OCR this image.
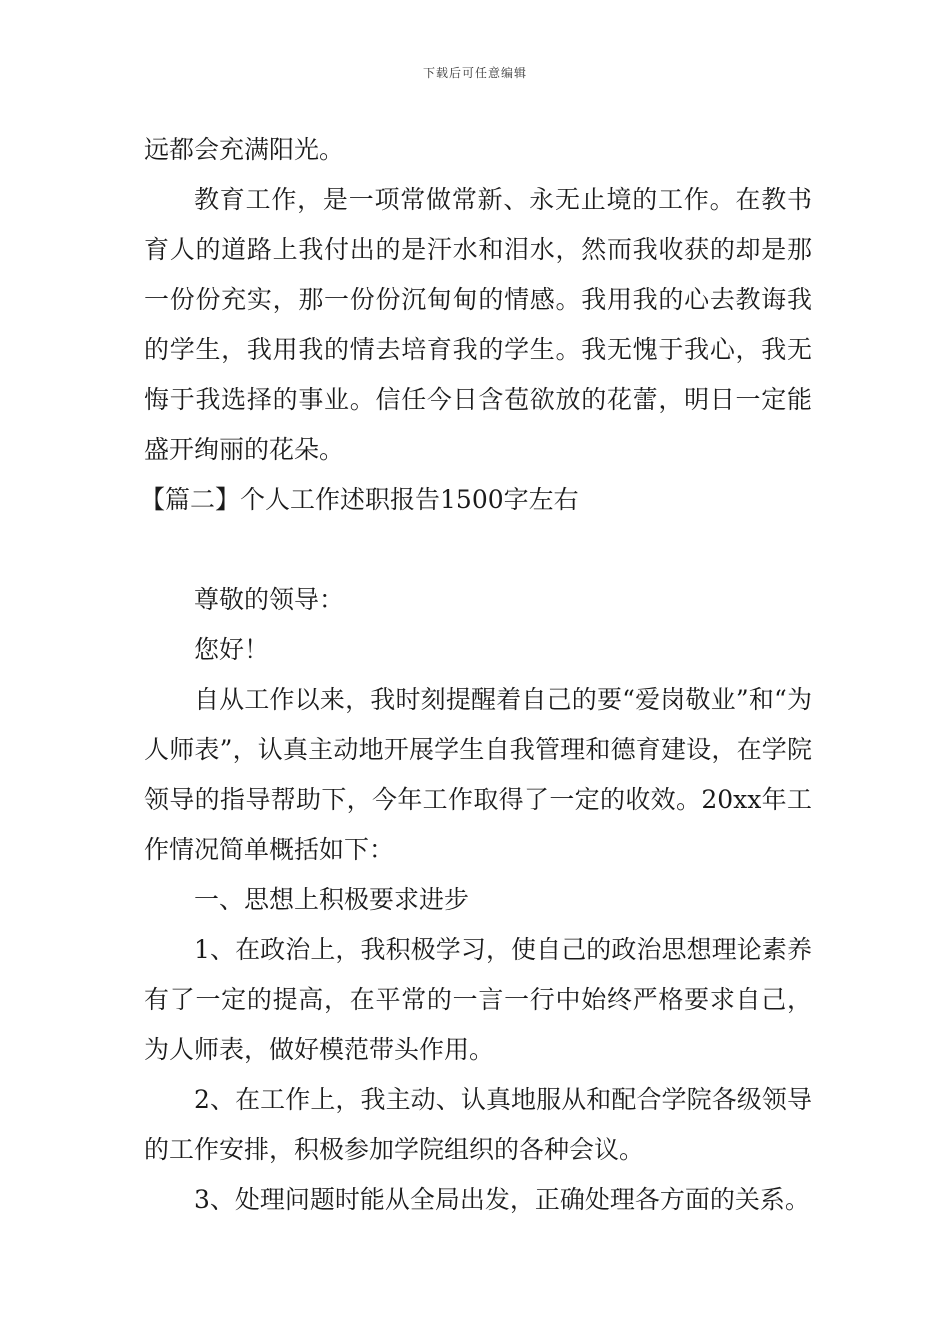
下载后可任意编辑

远都会充满阳光。

教育工作，是一项常做常新、永无止境的工作。在教书育人的道路上我付出的是汗水和泪水，然而我收获的却是那一份份充实，那一份份沉甸甸的情感。我用我的心去教诲我的学生，我用我的情去培育我的学生。我无愧于我心，我无悔于我选择的事业。信任今日含苞欲放的花蕾，明日一定能盛开绚丽的花朵。

【篇二】个人工作述职报告1500字左右

尊敬的领导：

您好！

自从工作以来，我时刻提醒着自己的要“爱岗敬业”和“为人师表”，认真主动地开展学生自我管理和德育建设，在学院领导的指导帮助下，今年工作取得了一定的收效。20xx年工作情况简单概括如下：

一、思想上积极要求进步

1、在政治上，我积极学习，使自己的政治思想理论素养有了一定的提高，在平常的一言一行中始终严格要求自己，为人师表，做好模范带头作用。

2、在工作上，我主动、认真地服从和配合学院各级领导的工作安排，积极参加学院组织的各种会议。

3、处理问题时能从全局出发，正确处理各方面的关系。
